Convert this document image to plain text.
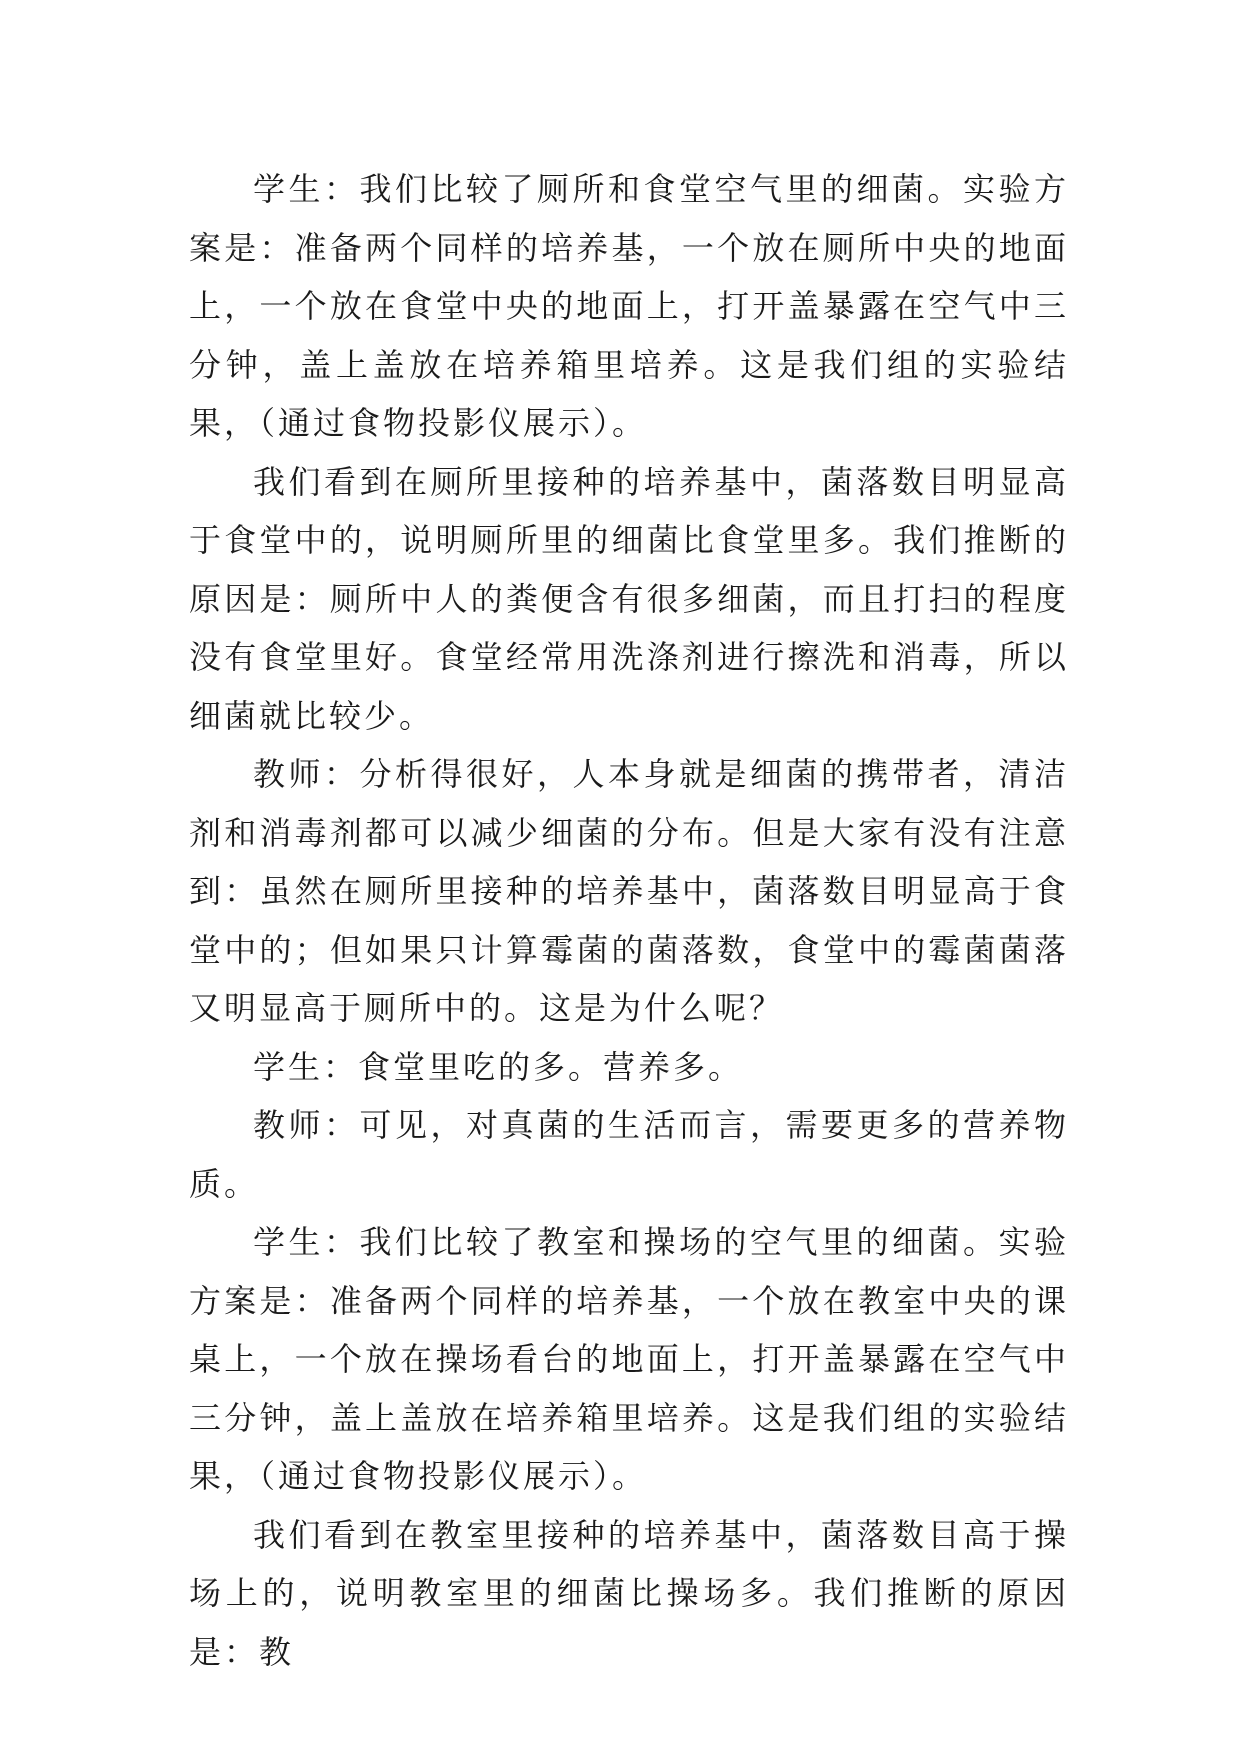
学生：我们比较了厕所和食堂空气里的细菌。实验方案是：准备两个同样的培养基，一个放在厕所中央的地面上，一个放在食堂中央的地面上，打开盖暴露在空气中三分钟，盖上盖放在培养箱里培养。这是我们组的实验结果，（通过食物投影仪展示）。

我们看到在厕所里接种的培养基中，菌落数目明显高于食堂中的，说明厕所里的细菌比食堂里多。我们推断的原因是：厕所中人的粪便含有很多细菌，而且打扫的程度没有食堂里好。食堂经常用洗涤剂进行擦洗和消毒，所以细菌就比较少。

教师：分析得很好，人本身就是细菌的携带者，清洁剂和消毒剂都可以减少细菌的分布。但是大家有没有注意到：虽然在厕所里接种的培养基中，菌落数目明显高于食堂中的；但如果只计算霉菌的菌落数，食堂中的霉菌菌落又明显高于厕所中的。这是为什么呢？

学生：食堂里吃的多。营养多。

教师：可见，对真菌的生活而言，需要更多的营养物质。

学生：我们比较了教室和操场的空气里的细菌。实验方案是：准备两个同样的培养基，一个放在教室中央的课桌上，一个放在操场看台的地面上，打开盖暴露在空气中三分钟，盖上盖放在培养箱里培养。这是我们组的实验结果，（通过食物投影仪展示）。

我们看到在教室里接种的培养基中，菌落数目高于操场上的，说明教室里的细菌比操场多。我们推断的原因是：教
